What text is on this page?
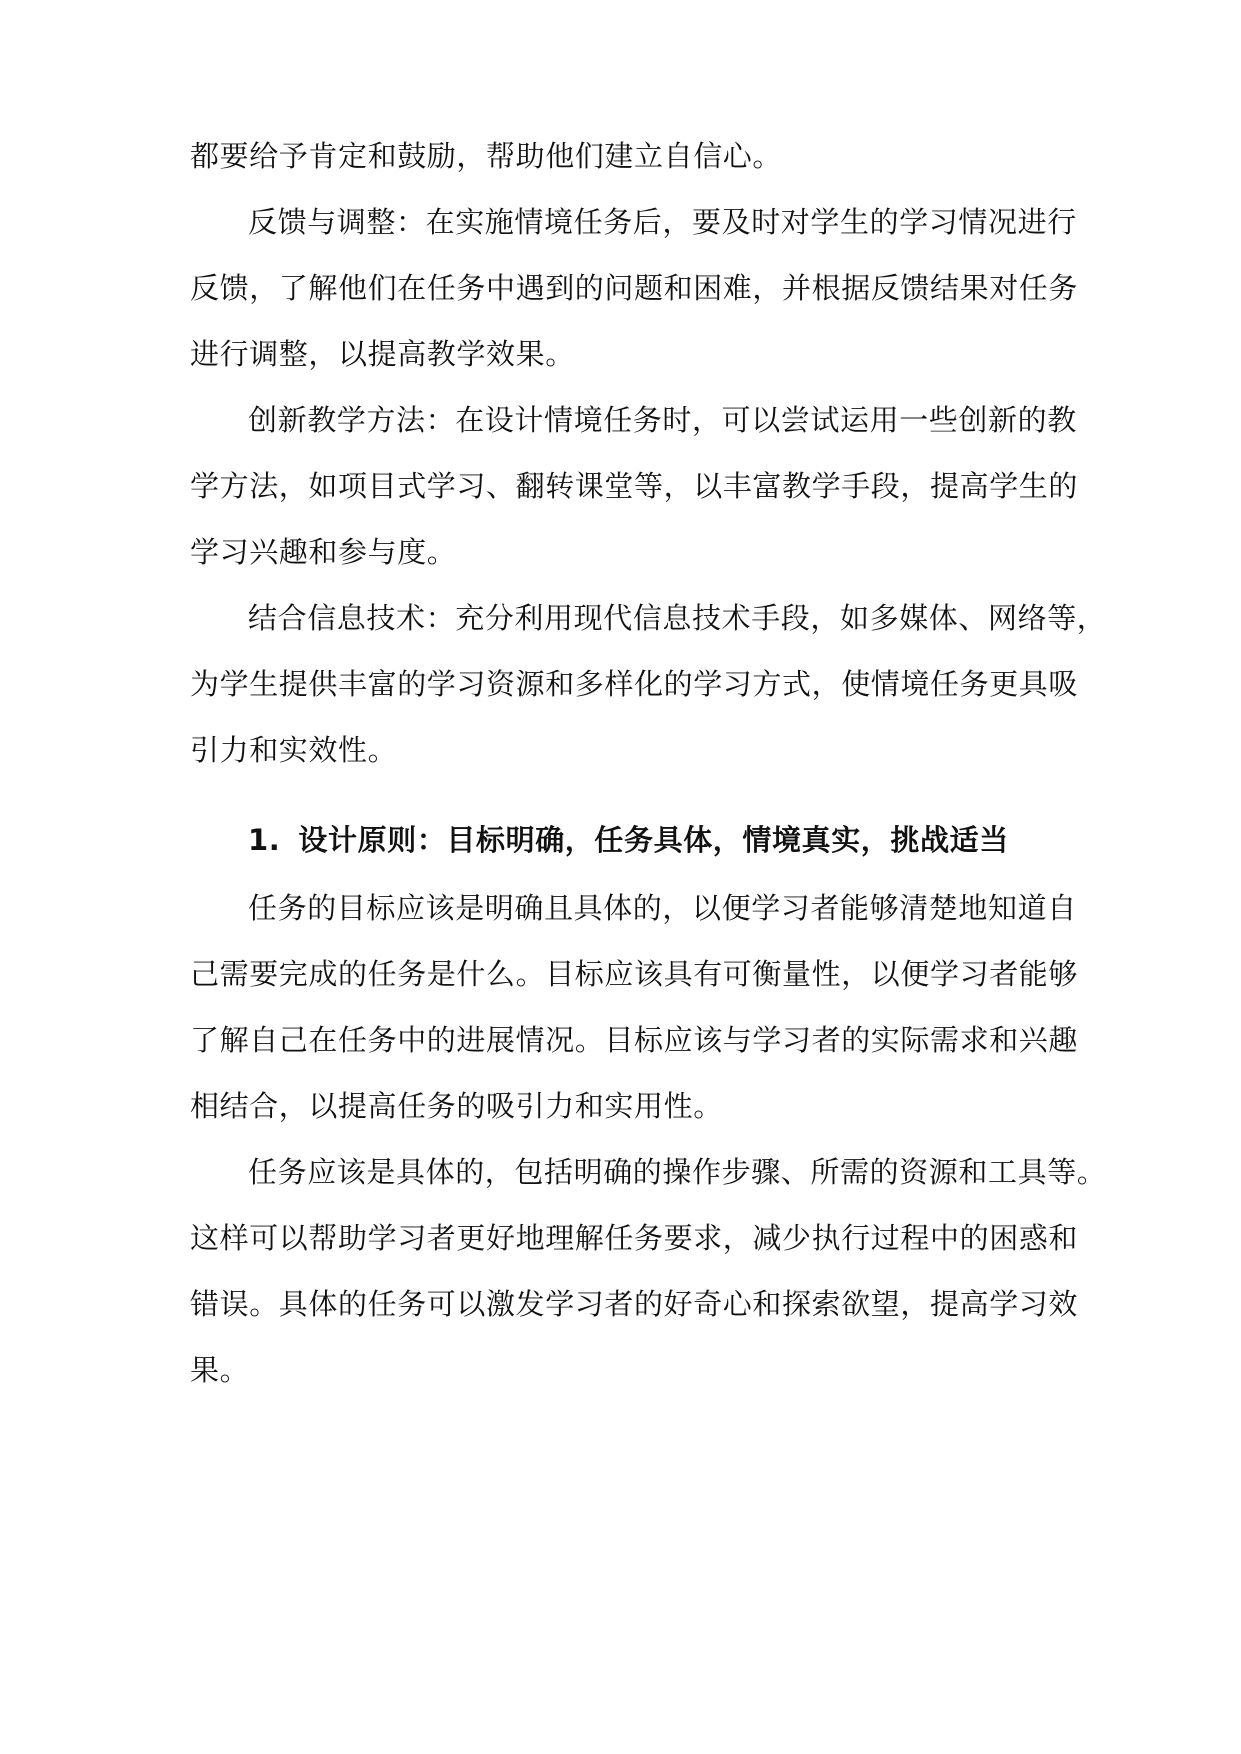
都要给予肯定和鼓励，帮助他们建立自信心。
反馈与调整：在实施情境任务后，要及时对学生的学习情况进行
反馈，了解他们在任务中遇到的问题和困难，并根据反馈结果对任务
进行调整，以提高教学效果。
创新教学方法：在设计情境任务时，可以尝试运用一些创新的教
学方法，如项目式学习、翻转课堂等，以丰富教学手段，提高学生的
学习兴趣和参与度。
结合信息技术：充分利用现代信息技术手段，如多媒体、网络等，
为学生提供丰富的学习资源和多样化的学习方式，使情境任务更具吸
引力和实效性。
1. 设计原则：目标明确，任务具体，情境真实，挑战适当
任务的目标应该是明确且具体的，以便学习者能够清楚地知道自
己需要完成的任务是什么。目标应该具有可衡量性，以便学习者能够
了解自己在任务中的进展情况。目标应该与学习者的实际需求和兴趣
相结合，以提高任务的吸引力和实用性。
任务应该是具体的，包括明确的操作步骤、所需的资源和工具等。
这样可以帮助学习者更好地理解任务要求，减少执行过程中的困惑和
错误。具体的任务可以激发学习者的好奇心和探索欲望，提高学习效
果。
